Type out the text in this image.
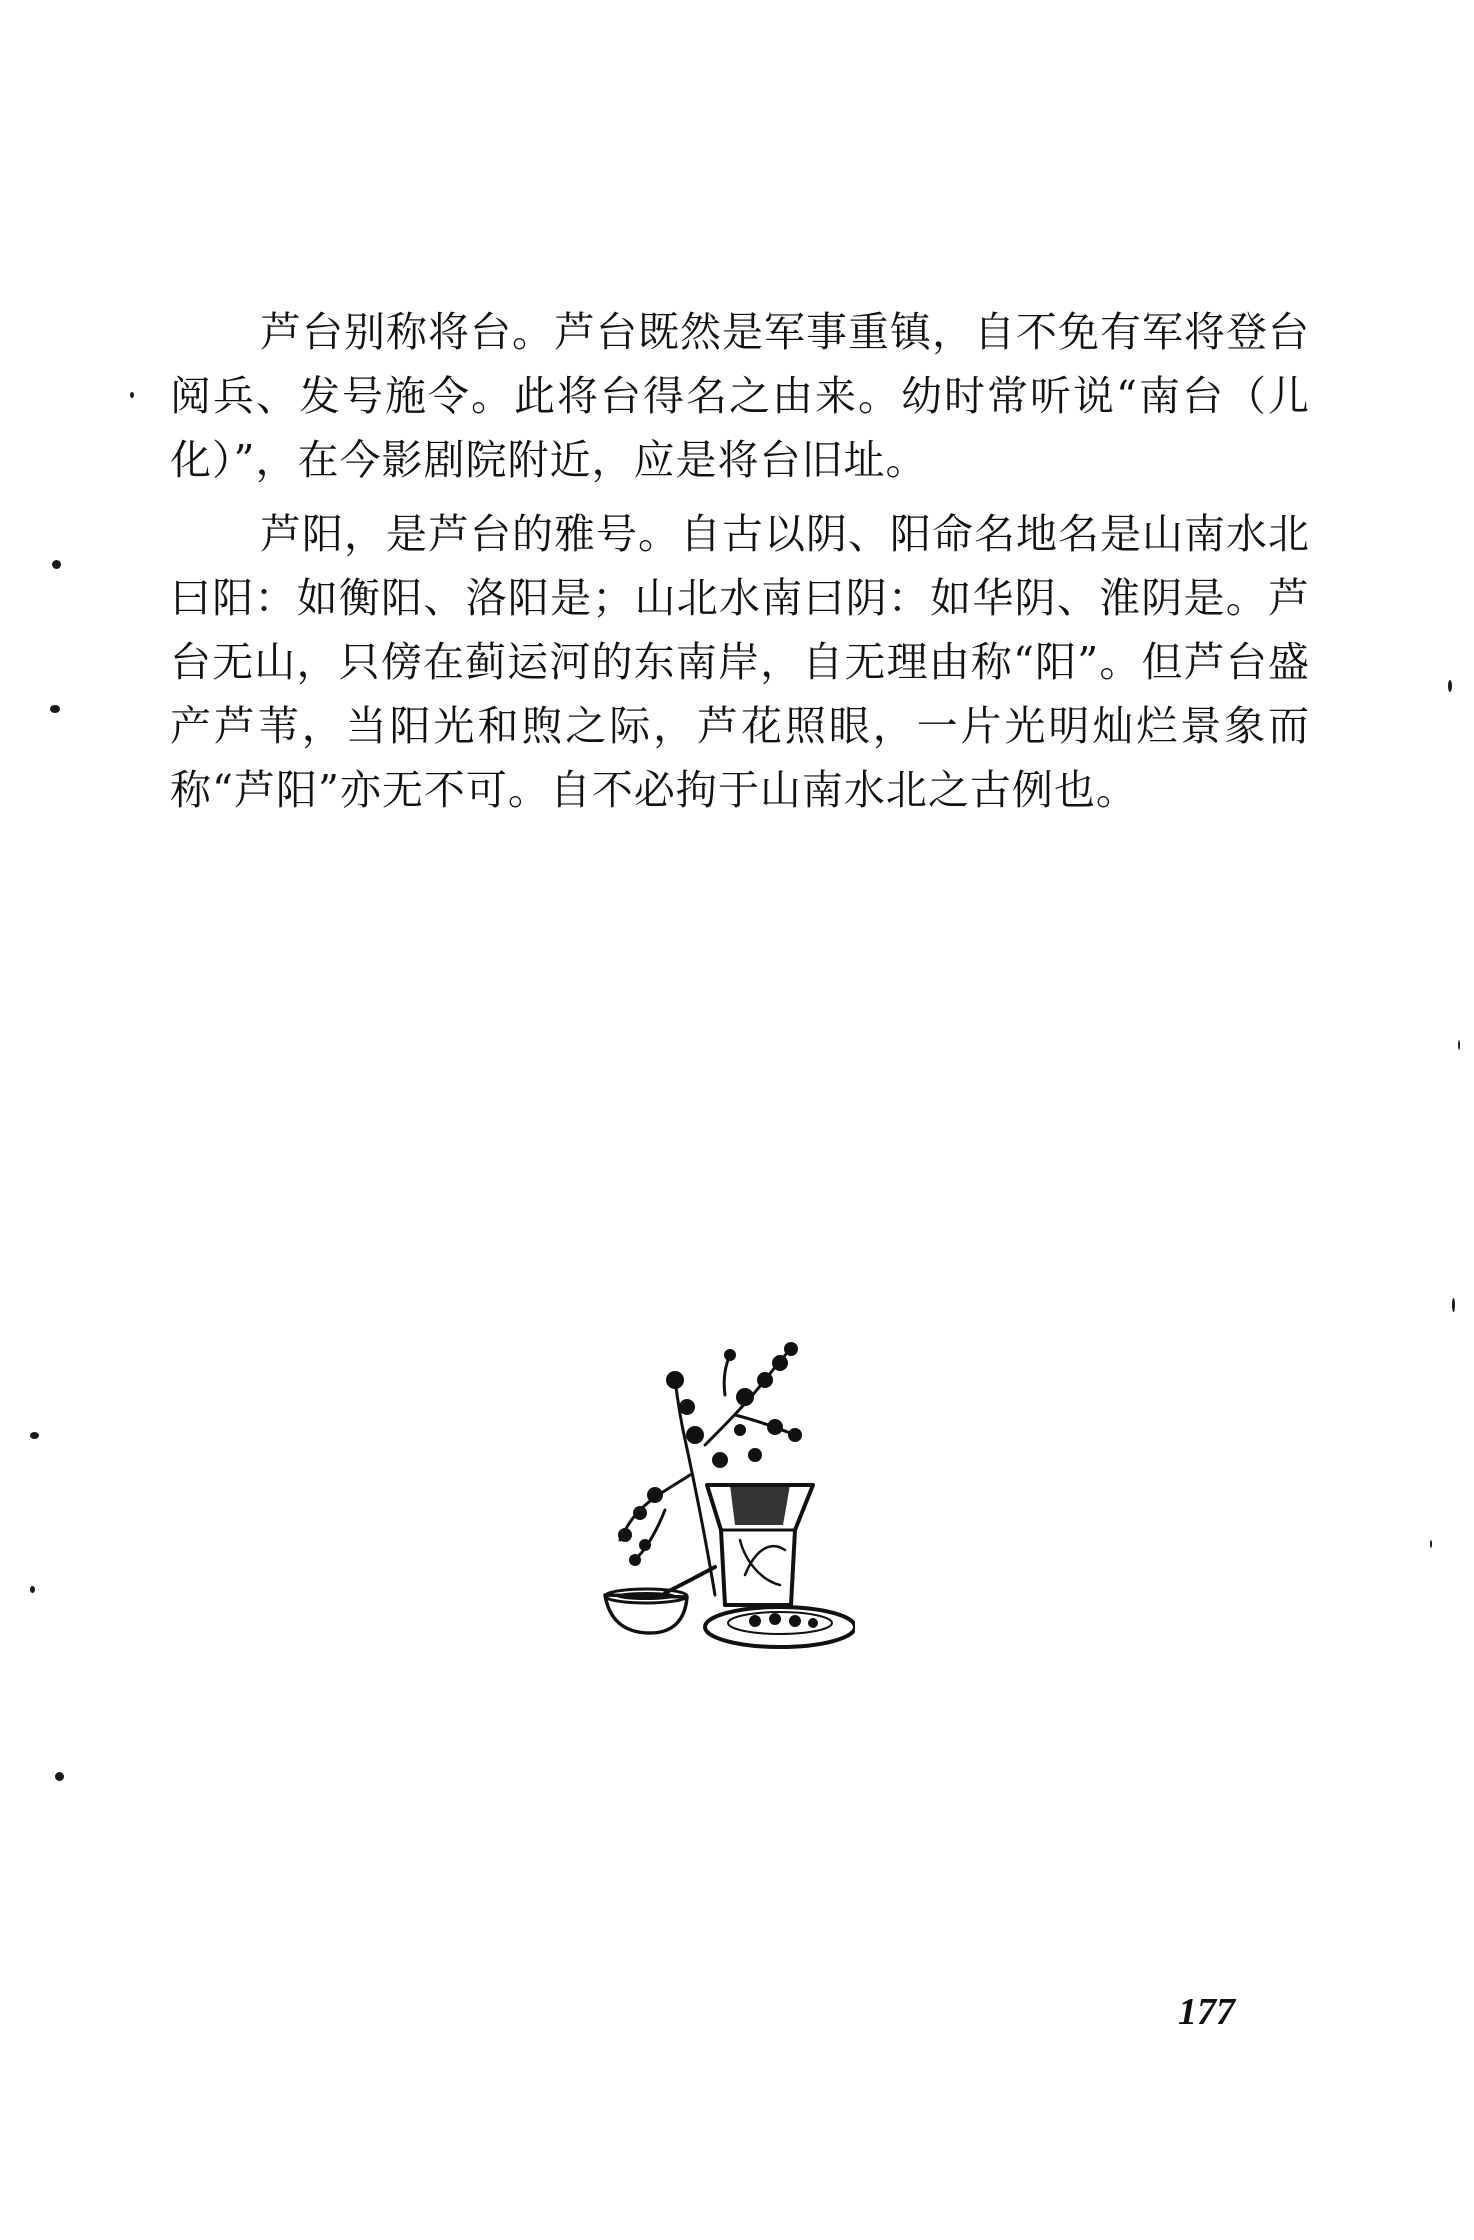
芦台别称将台。芦台既然是军事重镇，自不免有军将登台阅兵、发号施令。此将台得名之由来。幼时常听说“南台（儿化）”，在今影剧院附近，应是将台旧址。

芦阳，是芦台的雅号。自古以阴、阳命名地名是山南水北曰阳：如衡阳、洛阳是；山北水南曰阴：如华阴、淮阴是。芦台无山，只傍在蓟运河的东南岸，自无理由称“阳”。但芦台盛产芦苇，当阳光和煦之际，芦花照眼，一片光明灿烂景象而称“芦阳”亦无不可。自不必拘于山南水北之古例也。

177
